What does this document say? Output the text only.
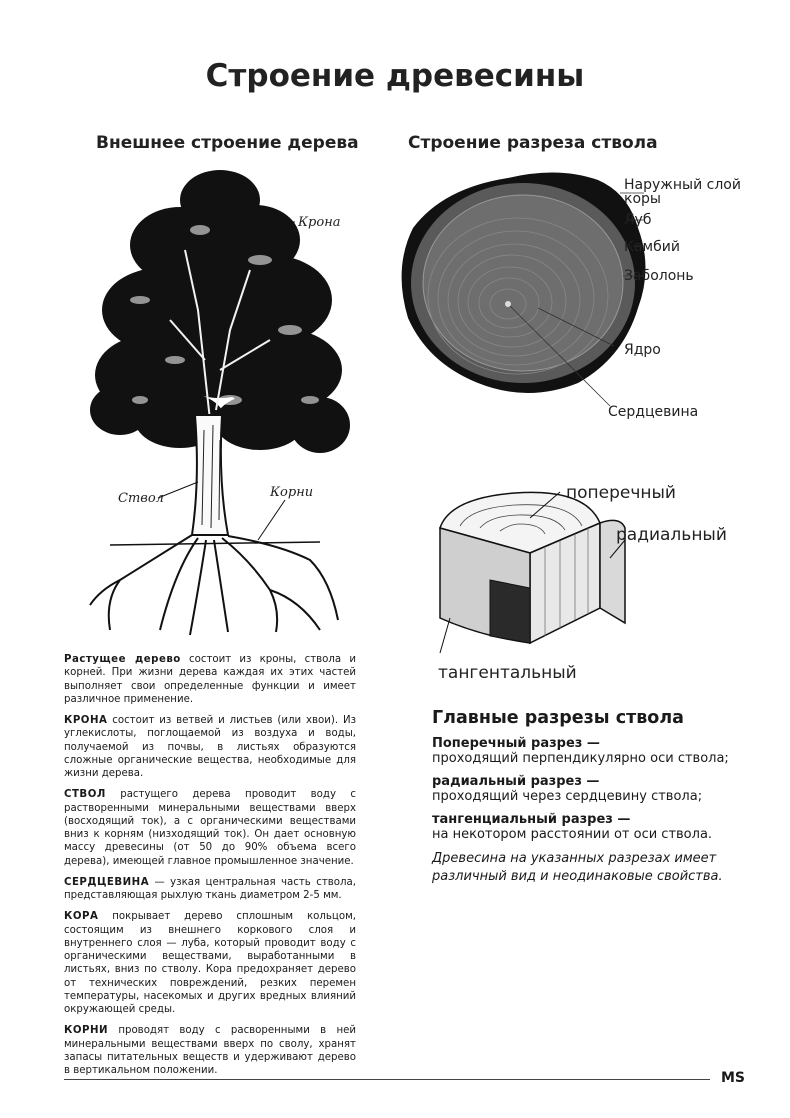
Строение древесины
Внешнее строение дерева	Строение разреза ствола
Крона
Ствол	Корни
Наружный слой
коры
Луб
Камбий
Заболонь
Ядро
Сердцевина
поперечный
радиальный
тангентальный

Растущее дерево состоит из кроны, ствола и корней. При жизни дерева каждая их этих частей выполняет свои определенные функции и имеет различное применение.

КРОНА состоит из ветвей и листьев (или хвои). Из углекислоты, поглощаемой из воздуха и воды, получаемой из почвы, в листьях образуются сложные органические вещества, необходимые для жизни дерева.

СТВОЛ растущего дерева проводит воду с растворенными минеральными веществами вверх (восходящий ток), а с органическими веществами вниз к корням (низходящий ток). Он дает основную массу древесины (от 50 до 90% объема всего дерева), имеющей главное промышленное значение.

СЕРДЦЕВИНА — узкая центральная часть ствола, представляющая рыхлую ткань диаметром 2-5 мм.

КОРА покрывает дерево сплошным кольцом, состоящим из внешнего коркового слоя и внутреннего слоя — луба, который проводит воду с органическими веществами, выработанными в листьях, вниз по стволу. Кора предохраняет дерево от технических повреждений, резких перемен температуры, насекомых и других вредных влияний окружающей среды.

КОРНИ проводят воду с расворенными в ней минеральными веществами вверх по сволу, хранят запасы питательных веществ и удерживают дерево в вертикальном положении.

Главные разрезы ствола
Поперечный разрез —
проходящий перпендикулярно оси ствола;
радиальный разрез —
проходящий через сердцевину ствола;
тангенциальный разрез —
на некотором расстоянии от оси ствола.
Древесина на указанных разрезах имеет различный вид и неодинаковые свойства.
MS
